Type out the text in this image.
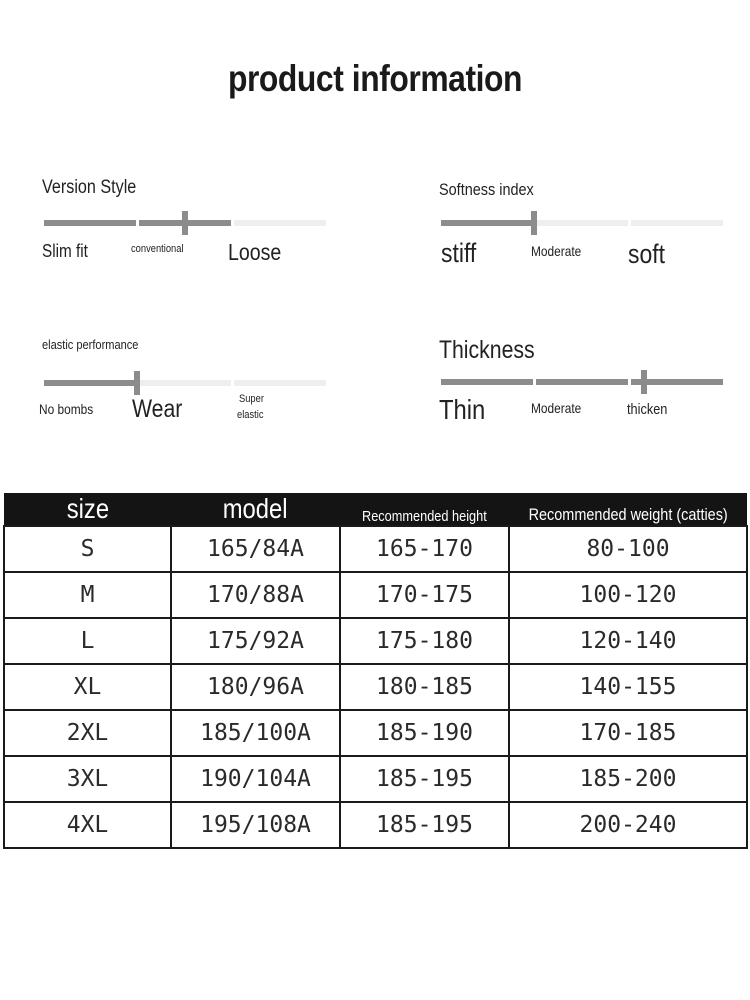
product information
Version Style
Slim fit	conventional Loose
Softness index
stiff	Moderate soft
elastic performance
No bombs Wear	Super
elastic
Thickness
Thin	Moderate	thicken
size	model	Recommended height	Recommended weight (catties)
S	165/84A	165-170	80-100
M	170/88A	170-175	100-120
L	175/92A	175-180	120-140
XL	180/96A	180-185	140-155
2XL	185/100A	185-190	170-185
3XL	190/104A	185-195	185-200
4XL	195/108A	185-195	200-240
